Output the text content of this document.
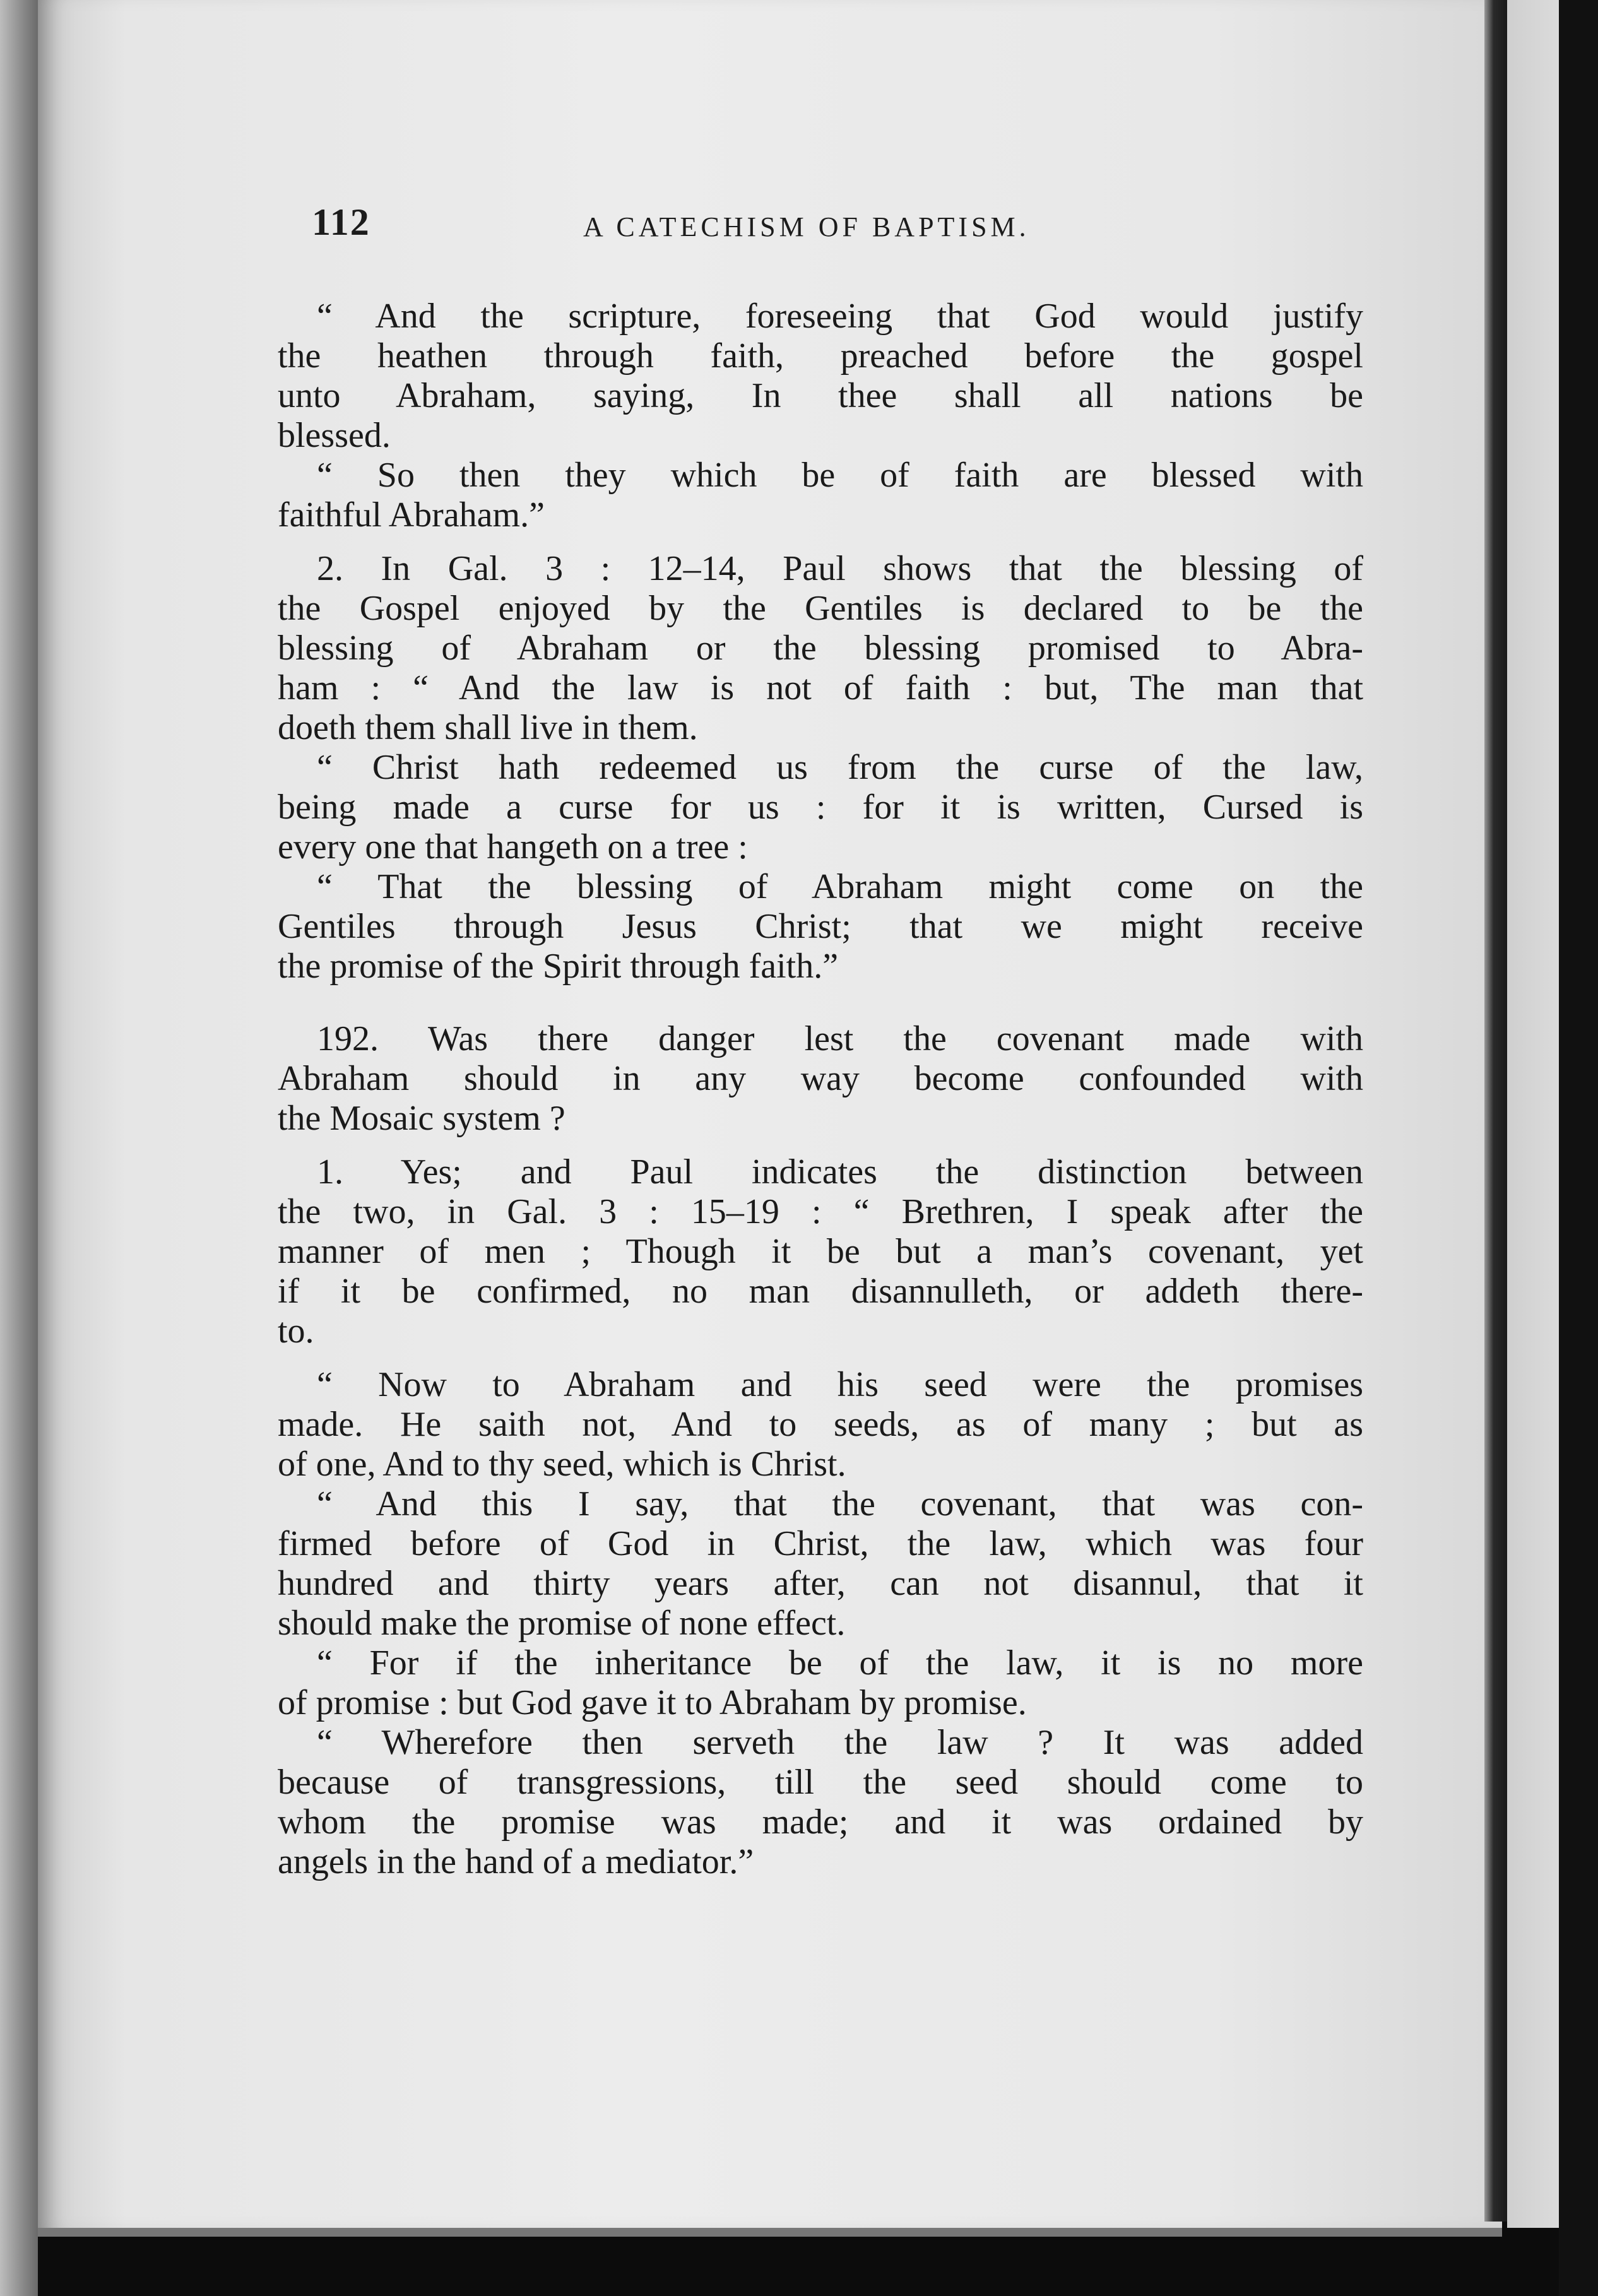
112	A CATECHISM OF BAPTISM.
“ And the scripture, foreseeing that God would justify
the heathen through faith, preached before the gospel
unto Abraham, saying, In thee shall all nations be
blessed.
“ So then they which be of faith are blessed with
faithful Abraham.”
2. In Gal. 3 : 12–14, Paul shows that the blessing of
the Gospel enjoyed by the Gentiles is declared to be the
blessing of Abraham or the blessing promised to Abra-
ham : “ And the law is not of faith : but, The man that
doeth them shall live in them.
“ Christ hath redeemed us from the curse of the law,
being made a curse for us : for it is written, Cursed is
every one that hangeth on a tree :
“ That the blessing of Abraham might come on the
Gentiles through Jesus Christ; that we might receive
the promise of the Spirit through faith.”
192. Was there danger lest the covenant made with
Abraham should in any way become confounded with
the Mosaic system ?
1. Yes; and Paul indicates the distinction between
the two, in Gal. 3 : 15–19 : “ Brethren, I speak after the
manner of men ; Though it be but a man’s covenant, yet
if it be confirmed, no man disannulleth, or addeth there-
to.
“ Now to Abraham and his seed were the promises
made. He saith not, And to seeds, as of many ; but as
of one, And to thy seed, which is Christ.
“ And this I say, that the covenant, that was con-
firmed before of God in Christ, the law, which was four
hundred and thirty years after, can not disannul, that it
should make the promise of none effect.
“ For if the inheritance be of the law, it is no more
of promise : but God gave it to Abraham by promise.
“ Wherefore then serveth the law ? It was added
because of transgressions, till the seed should come to
whom the promise was made; and it was ordained by
angels in the hand of a mediator.”
